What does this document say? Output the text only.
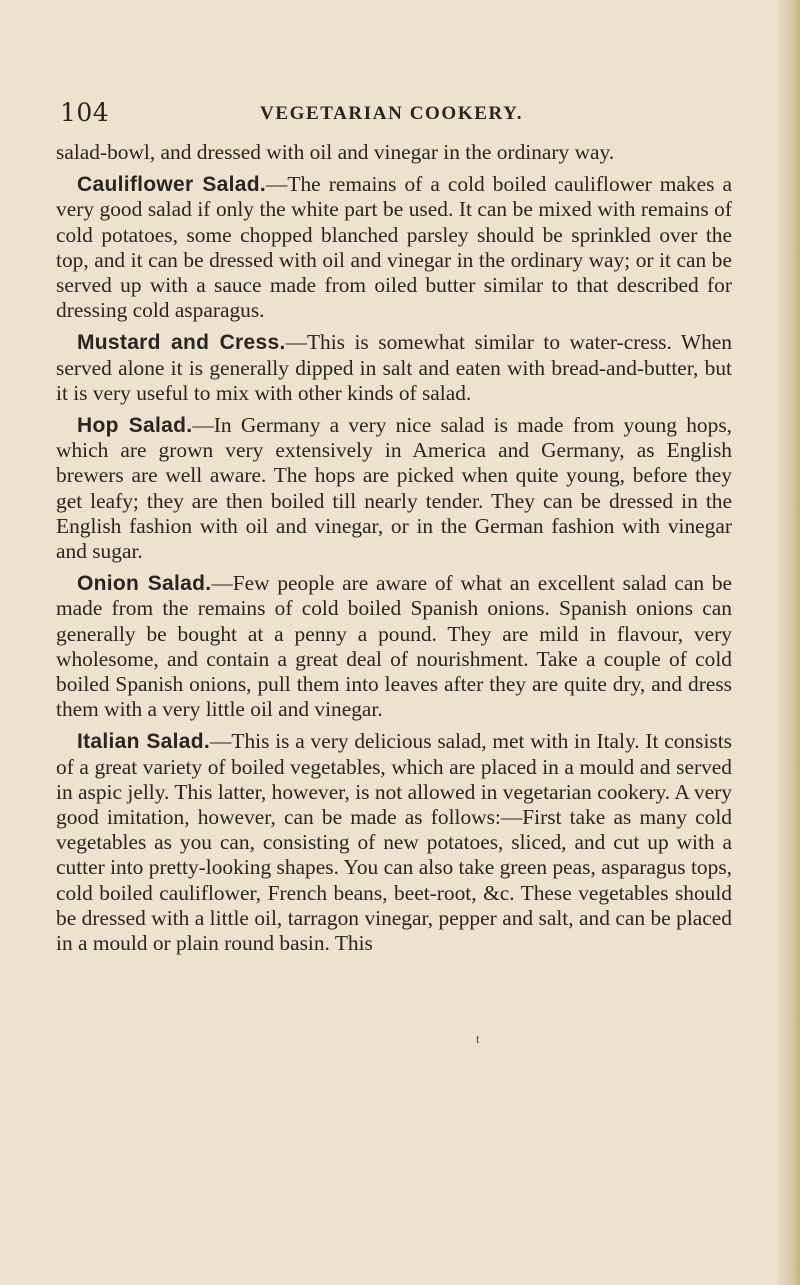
104	VEGETARIAN COOKERY.

salad-bowl, and dressed with oil and vinegar in the ordinary way.

Cauliflower Salad.—The remains of a cold boiled cauliflower makes a very good salad if only the white part be used. It can be mixed with remains of cold potatoes, some chopped blanched parsley should be sprinkled over the top, and it can be dressed with oil and vinegar in the ordinary way; or it can be served up with a sauce made from oiled butter similar to that described for dressing cold asparagus.

Mustard and Cress.—This is somewhat similar to water-cress. When served alone it is generally dipped in salt and eaten with bread-and-butter, but it is very useful to mix with other kinds of salad.

Hop Salad.—In Germany a very nice salad is made from young hops, which are grown very extensively in America and Germany, as English brewers are well aware. The hops are picked when quite young, before they get leafy; they are then boiled till nearly tender. They can be dressed in the English fashion with oil and vinegar, or in the German fashion with vinegar and sugar.

Onion Salad.—Few people are aware of what an excellent salad can be made from the remains of cold boiled Spanish onions. Spanish onions can generally be bought at a penny a pound. They are mild in flavour, very wholesome, and contain a great deal of nourishment. Take a couple of cold boiled Spanish onions, pull them into leaves after they are quite dry, and dress them with a very little oil and vinegar.

Italian Salad.—This is a very delicious salad, met with in Italy. It consists of a great variety of boiled vegetables, which are placed in a mould and served in aspic jelly. This latter, however, is not allowed in vegetarian cookery. A very good imitation, however, can be made as follows:—First take as many cold vegetables as you can, consisting of new potatoes, sliced, and cut up with a cutter into pretty-looking shapes. You can also take green peas, asparagus tops, cold boiled cauliflower, French beans, beet-root, &c. These vegetables should be dressed with a little oil, tarragon vinegar, pepper and salt, and can be placed in a mould or plain round basin. This

t
